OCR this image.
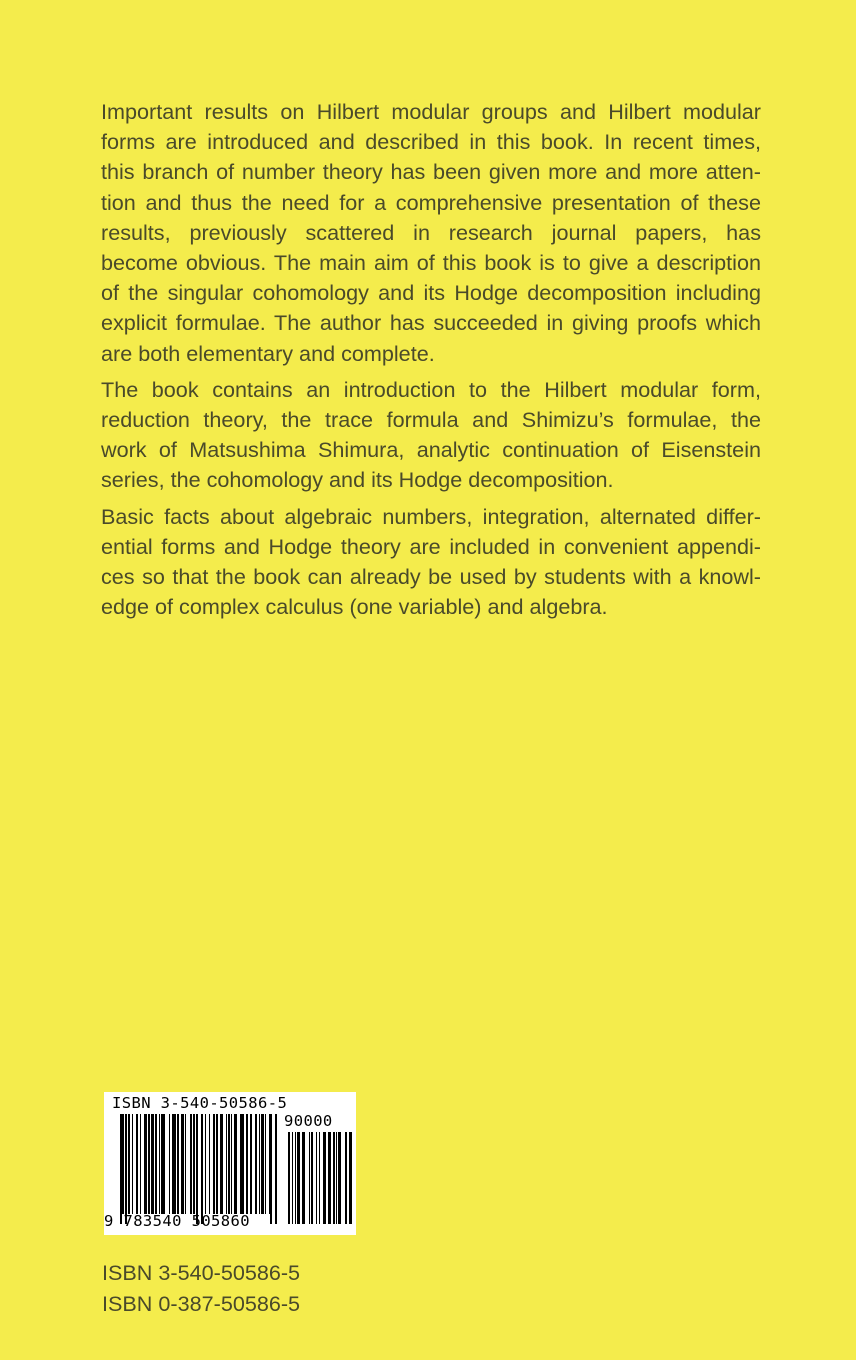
Important results on Hilbert modular groups and Hilbert modular
forms are introduced and described in this book. In recent times,
this branch of number theory has been given more and more atten-
tion and thus the need for a comprehensive presentation of these
results, previously scattered in research journal papers, has
become obvious. The main aim of this book is to give a description
of the singular cohomology and its Hodge decomposition including
explicit formulae. The author has succeeded in giving proofs which
are both elementary and complete.

The book contains an introduction to the Hilbert modular form,
reduction theory, the trace formula and Shimizu’s formulae, the
work of Matsushima Shimura, analytic continuation of Eisenstein
series, the cohomology and its Hodge decomposition.

Basic facts about algebraic numbers, integration, alternated differ-
ential forms and Hodge theory are included in convenient appendi-
ces so that the book can already be used by students with a knowl-
edge of complex calculus (one variable) and algebra.

ISBN 3-540-50586-5
90000
9 783540 505860
ISBN 3-540-50586-5
ISBN 0-387-50586-5
